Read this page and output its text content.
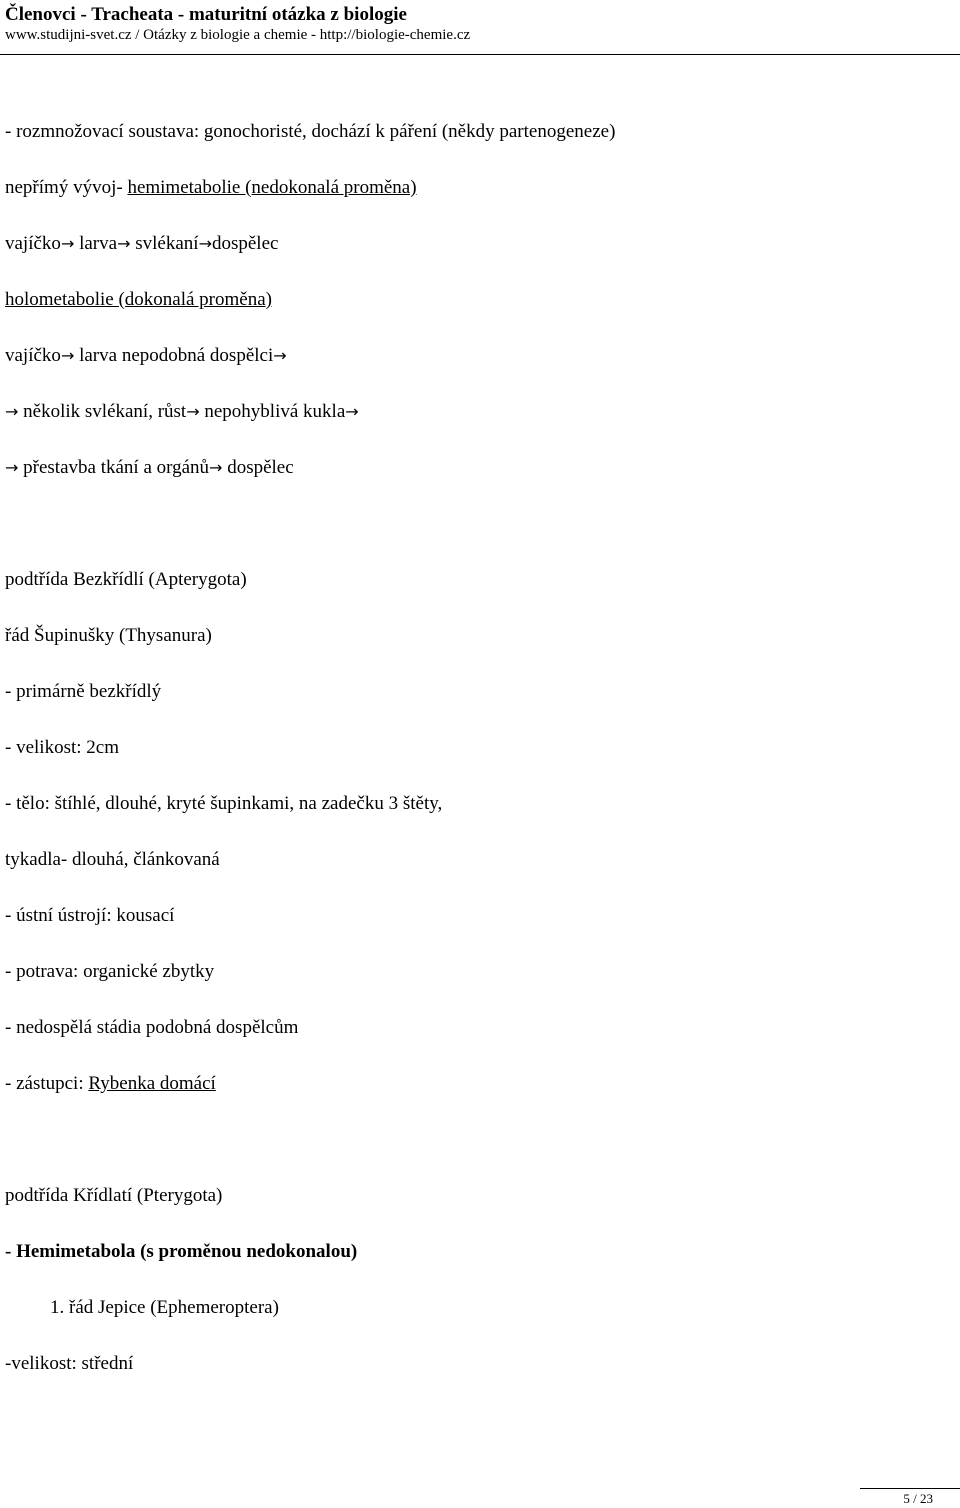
Členovci - Tracheata - maturitní otázka z biologie
www.studijni-svet.cz / Otázky z biologie a chemie - http://biologie-chemie.cz
- rozmnožovací soustava: gonochoristé, dochází k páření (někdy partenogeneze)
nepřímý vývoj- hemimetabolie (nedokonalá proměna)
vajíčko→ larva→ svlékaní→dospělec
holometabolie (dokonalá proměna)
vajíčko→ larva nepodobná dospělci→
→ několik svlékaní, růst→ nepohyblivá kukla→
→ přestavba tkání a orgánů→ dospělec
podtřída Bezkřídlí (Apterygota)
řád Šupinušky (Thysanura)
- primárně bezkřídlý
- velikost: 2cm
- tělo: štíhlé, dlouhé, kryté šupinkami, na zadečku 3 štěty,
tykadla- dlouhá, článkovaná
- ústní ústrojí: kousací
- potrava: organické zbytky
- nedospělá stádia podobná dospělcům
- zástupci: Rybenka domácí
podtřída Křídlatí (Pterygota)
- Hemimetabola (s proměnou nedokonalou)
1. řád Jepice (Ephemeroptera)
-velikost: střední
5 / 23
